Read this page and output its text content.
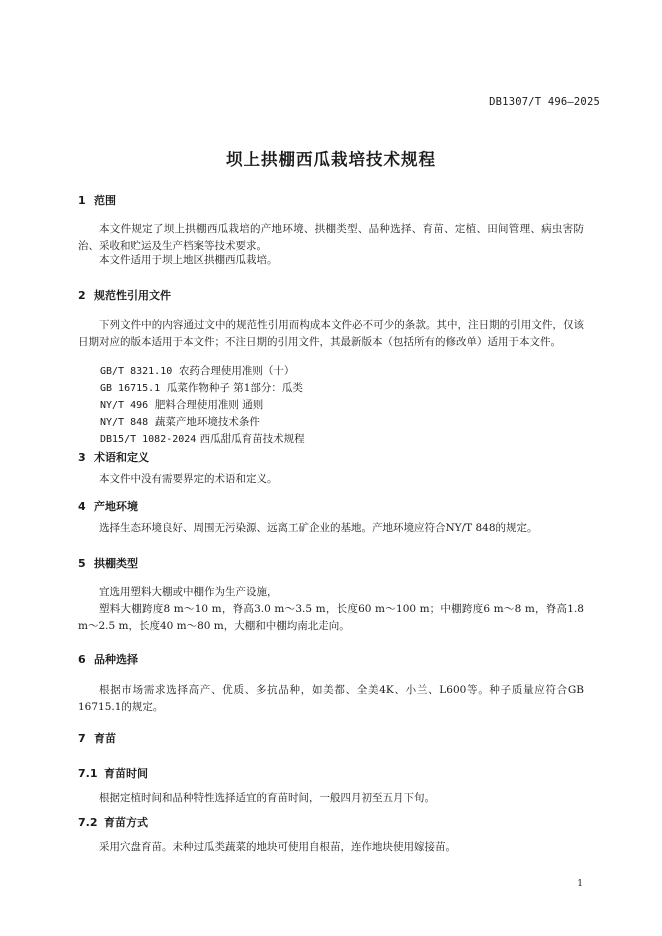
DB1307/T 496—2025
坝上拱棚西瓜栽培技术规程
1 范围
本文件规定了坝上拱棚西瓜栽培的产地环境、拱棚类型、品种选择、育苗、定植、田间管理、病虫害防治、采收和贮运及生产档案等技术要求。
本文件适用于坝上地区拱棚西瓜栽培。
2 规范性引用文件
下列文件中的内容通过文中的规范性引用而构成本文件必不可少的条款。其中，注日期的引用文件，仅该日期对应的版本适用于本文件；不注日期的引用文件，其最新版本（包括所有的修改单）适用于本文件。
GB/T 8321.10 农药合理使用准则（十）
GB 16715.1 瓜菜作物种子 第1部分：瓜类
NY/T 496 肥料合理使用准则 通则
NY/T 848 蔬菜产地环境技术条件
DB15/T 1082-2024 西瓜甜瓜育苗技术规程
3 术语和定义
本文件中没有需要界定的术语和定义。
4 产地环境
选择生态环境良好、周围无污染源、远离工矿企业的基地。产地环境应符合NY/T 848的规定。
5 拱棚类型
宜选用塑料大棚或中棚作为生产设施，
塑料大棚跨度8 m～10 m，脊高3.0 m～3.5 m，长度60 m～100 m；中棚跨度6 m～8 m，脊高1.8 m～2.5 m，长度40 m～80 m，大棚和中棚均南北走向。
6 品种选择
根据市场需求选择高产、优质、多抗品种，如美都、全美4K、小兰、L600等。种子质量应符合GB 16715.1的规定。
7 育苗
7.1 育苗时间
根据定植时间和品种特性选择适宜的育苗时间，一般四月初至五月下旬。
7.2 育苗方式
采用穴盘育苗。未种过瓜类蔬菜的地块可使用自根苗，连作地块使用嫁接苗。
1
